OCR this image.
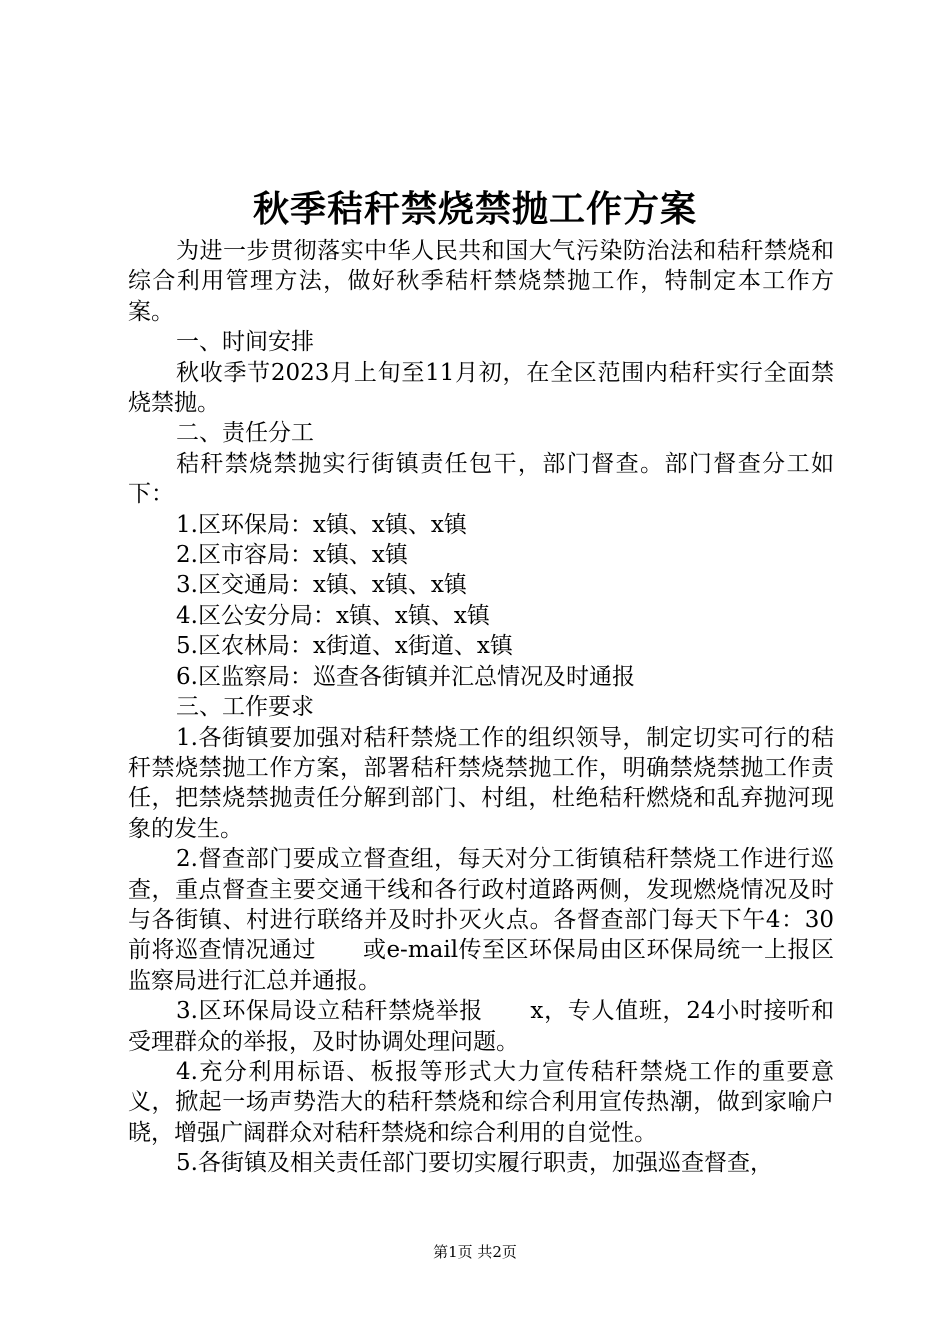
秋季秸秆禁烧禁抛工作方案

为进一步贯彻落实中华人民共和国大气污染防治法和秸秆禁烧和综合利用管理方法，做好秋季秸杆禁烧禁抛工作，特制定本工作方案。

一、时间安排

秋收季节2023月上旬至11月初，在全区范围内秸秆实行全面禁烧禁抛。

二、责任分工

秸秆禁烧禁抛实行街镇责任包干，部门督查。部门督查分工如下：

1.区环保局：x镇、x镇、x镇

2.区市容局：x镇、x镇

3.区交通局：x镇、x镇、x镇

4.区公安分局：x镇、x镇、x镇

5.区农林局：x街道、x街道、x镇

6.区监察局：巡查各街镇并汇总情况及时通报

三、工作要求

1.各街镇要加强对秸秆禁烧工作的组织领导，制定切实可行的秸秆禁烧禁抛工作方案，部署秸秆禁烧禁抛工作，明确禁烧禁抛工作责任，把禁烧禁抛责任分解到部门、村组，杜绝秸秆燃烧和乱弃抛河现象的发生。

2.督查部门要成立督查组，每天对分工街镇秸秆禁烧工作进行巡查，重点督查主要交通干线和各行政村道路两侧，发现燃烧情况及时与各街镇、村进行联络并及时扑灭火点。各督查部门每天下午4：30前将巡查情况通过　　或e-mail传至区环保局由区环保局统一上报区监察局进行汇总并通报。

3.区环保局设立秸秆禁烧举报　　x，专人值班，24小时接听和受理群众的举报，及时协调处理问题。

4.充分利用标语、板报等形式大力宣传秸秆禁烧工作的重要意义，掀起一场声势浩大的秸秆禁烧和综合利用宣传热潮，做到家喻户晓，增强广阔群众对秸秆禁烧和综合利用的自觉性。

5.各街镇及相关责任部门要切实履行职责，加强巡查督查，

第1页 共2页
